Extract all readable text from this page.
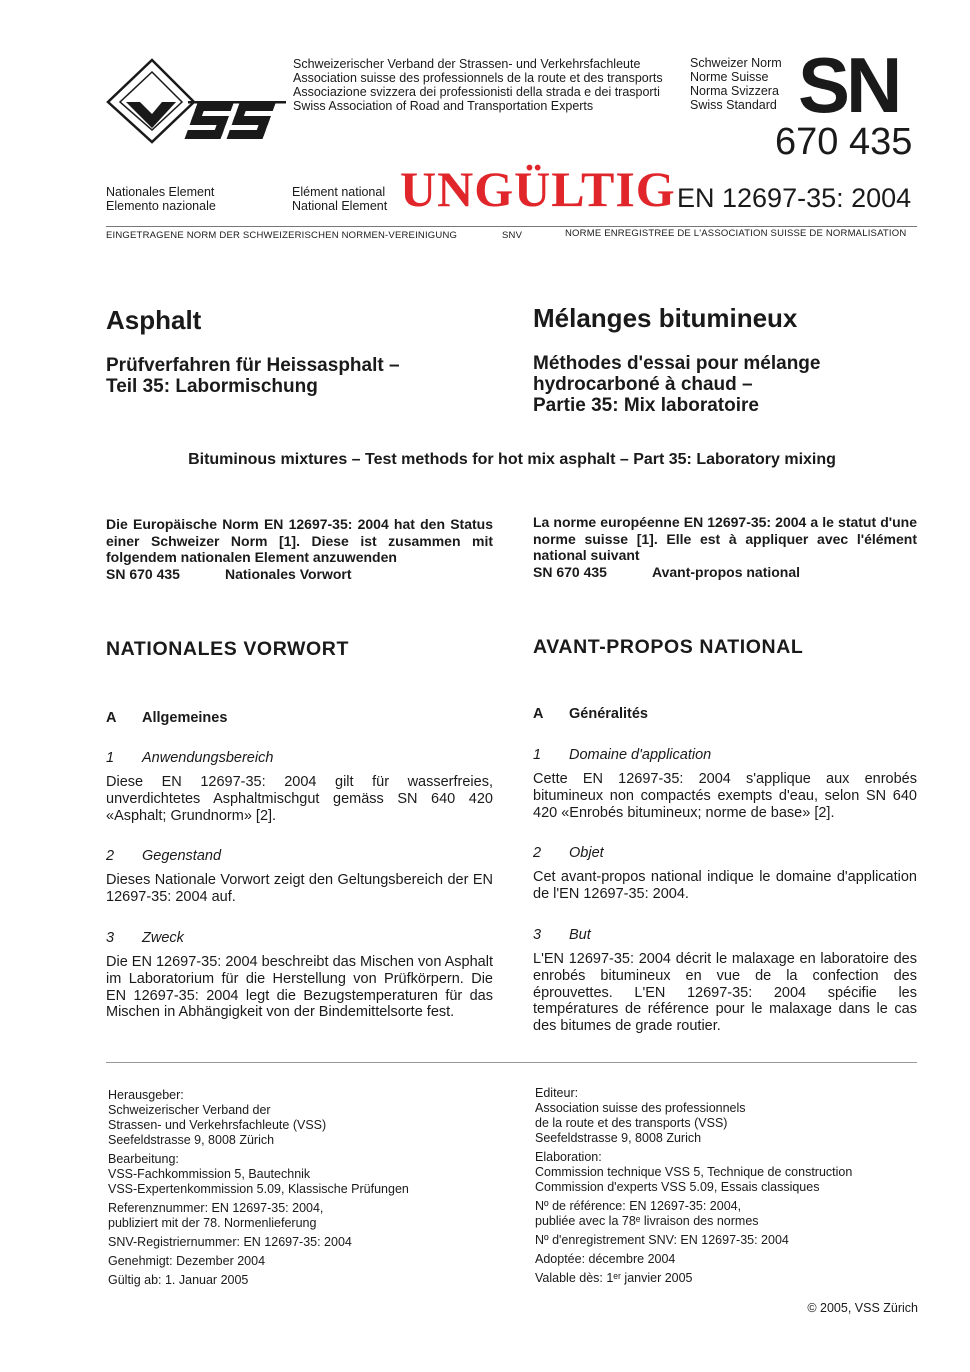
Schweizerischer Verband der Strassen- und Verkehrsfachleute
Association suisse des professionnels de la route et des transports
Associazione svizzera dei professionisti della strada e dei trasporti
Swiss Association of Road and Transportation Experts
Schweizer Norm
Norme Suisse
Norma Svizzera
Swiss Standard SN
670 435
Nationales Element
Elemento nazionale
Elément national
National Element UNGÜLTIG EN 12697-35: 2004
EINGETRAGENE NORM DER SCHWEIZERISCHEN NORMEN-VEREINIGUNG	SNV	NORME ENREGISTREE DE L'ASSOCIATION SUISSE DE NORMALISATION
Asphalt
Prüfverfahren für Heissasphalt –
Teil 35: Labormischung
Mélanges bitumineux
Méthodes d'essai pour mélange
hydrocarboné à chaud –
Partie 35: Mix laboratoire
Bituminous mixtures – Test methods for hot mix asphalt – Part 35: Laboratory mixing
Die Europäische Norm EN 12697-35: 2004 hat den Status einer Schweizer Norm [1]. Diese ist zusammen mit folgendem nationalen Element anzuwenden
SN 670 435	Nationales Vorwort
La norme européenne EN 12697-35: 2004 a le statut d'une norme suisse [1]. Elle est à appliquer avec l'élément national suivant
SN 670 435	Avant-propos national
NATIONALES VORWORT
A	Allgemeines
1	Anwendungsbereich
Diese EN 12697-35: 2004 gilt für wasserfreies, unverdichtetes Asphaltmischgut gemäss SN 640 420 «Asphalt; Grundnorm» [2].
2	Gegenstand
Dieses Nationale Vorwort zeigt den Geltungsbereich der EN 12697-35: 2004 auf.
3	Zweck
Die EN 12697-35: 2004 beschreibt das Mischen von Asphalt im Laboratorium für die Herstellung von Prüfkörpern. Die EN 12697-35: 2004 legt die Bezugstemperaturen für das Mischen in Abhängigkeit von der Bindemittelsorte fest.
AVANT-PROPOS NATIONAL
A	Généralités
1	Domaine d'application
Cette EN 12697-35: 2004 s'applique aux enrobés bitumineux non compactés exempts d'eau, selon SN 640 420 «Enrobés bitumineux; norme de base» [2].
2	Objet
Cet avant-propos national indique le domaine d'application de l'EN 12697-35: 2004.
3	But
L'EN 12697-35: 2004 décrit le malaxage en laboratoire des enrobés bitumineux en vue de la confection des éprouvettes. L'EN 12697-35: 2004 spécifie les températures de référence pour le malaxage dans le cas des bitumes de grade routier.
Herausgeber:
Schweizerischer Verband der
Strassen- und Verkehrsfachleute (VSS)
Seefeldstrasse 9, 8008 Zürich
Bearbeitung:
VSS-Fachkommission 5, Bautechnik
VSS-Expertenkommission 5.09, Klassische Prüfungen
Referenznummer: EN 12697-35: 2004,
publiziert mit der 78. Normenlieferung
SNV-Registriernummer: EN 12697-35: 2004
Genehmigt: Dezember 2004
Gültig ab: 1. Januar 2005
Editeur:
Association suisse des professionnels
de la route et des transports (VSS)
Seefeldstrasse 9, 8008 Zurich
Elaboration:
Commission technique VSS 5, Technique de construction
Commission d'experts VSS 5.09, Essais classiques
Nº de référence: EN 12697-35: 2004,
publiée avec la 78ᵉ livraison des normes
Nº d'enregistrement SNV: EN 12697-35: 2004
Adoptée: décembre 2004
Valable dès: 1ᵉʳ janvier 2005
© 2005, VSS Zürich
